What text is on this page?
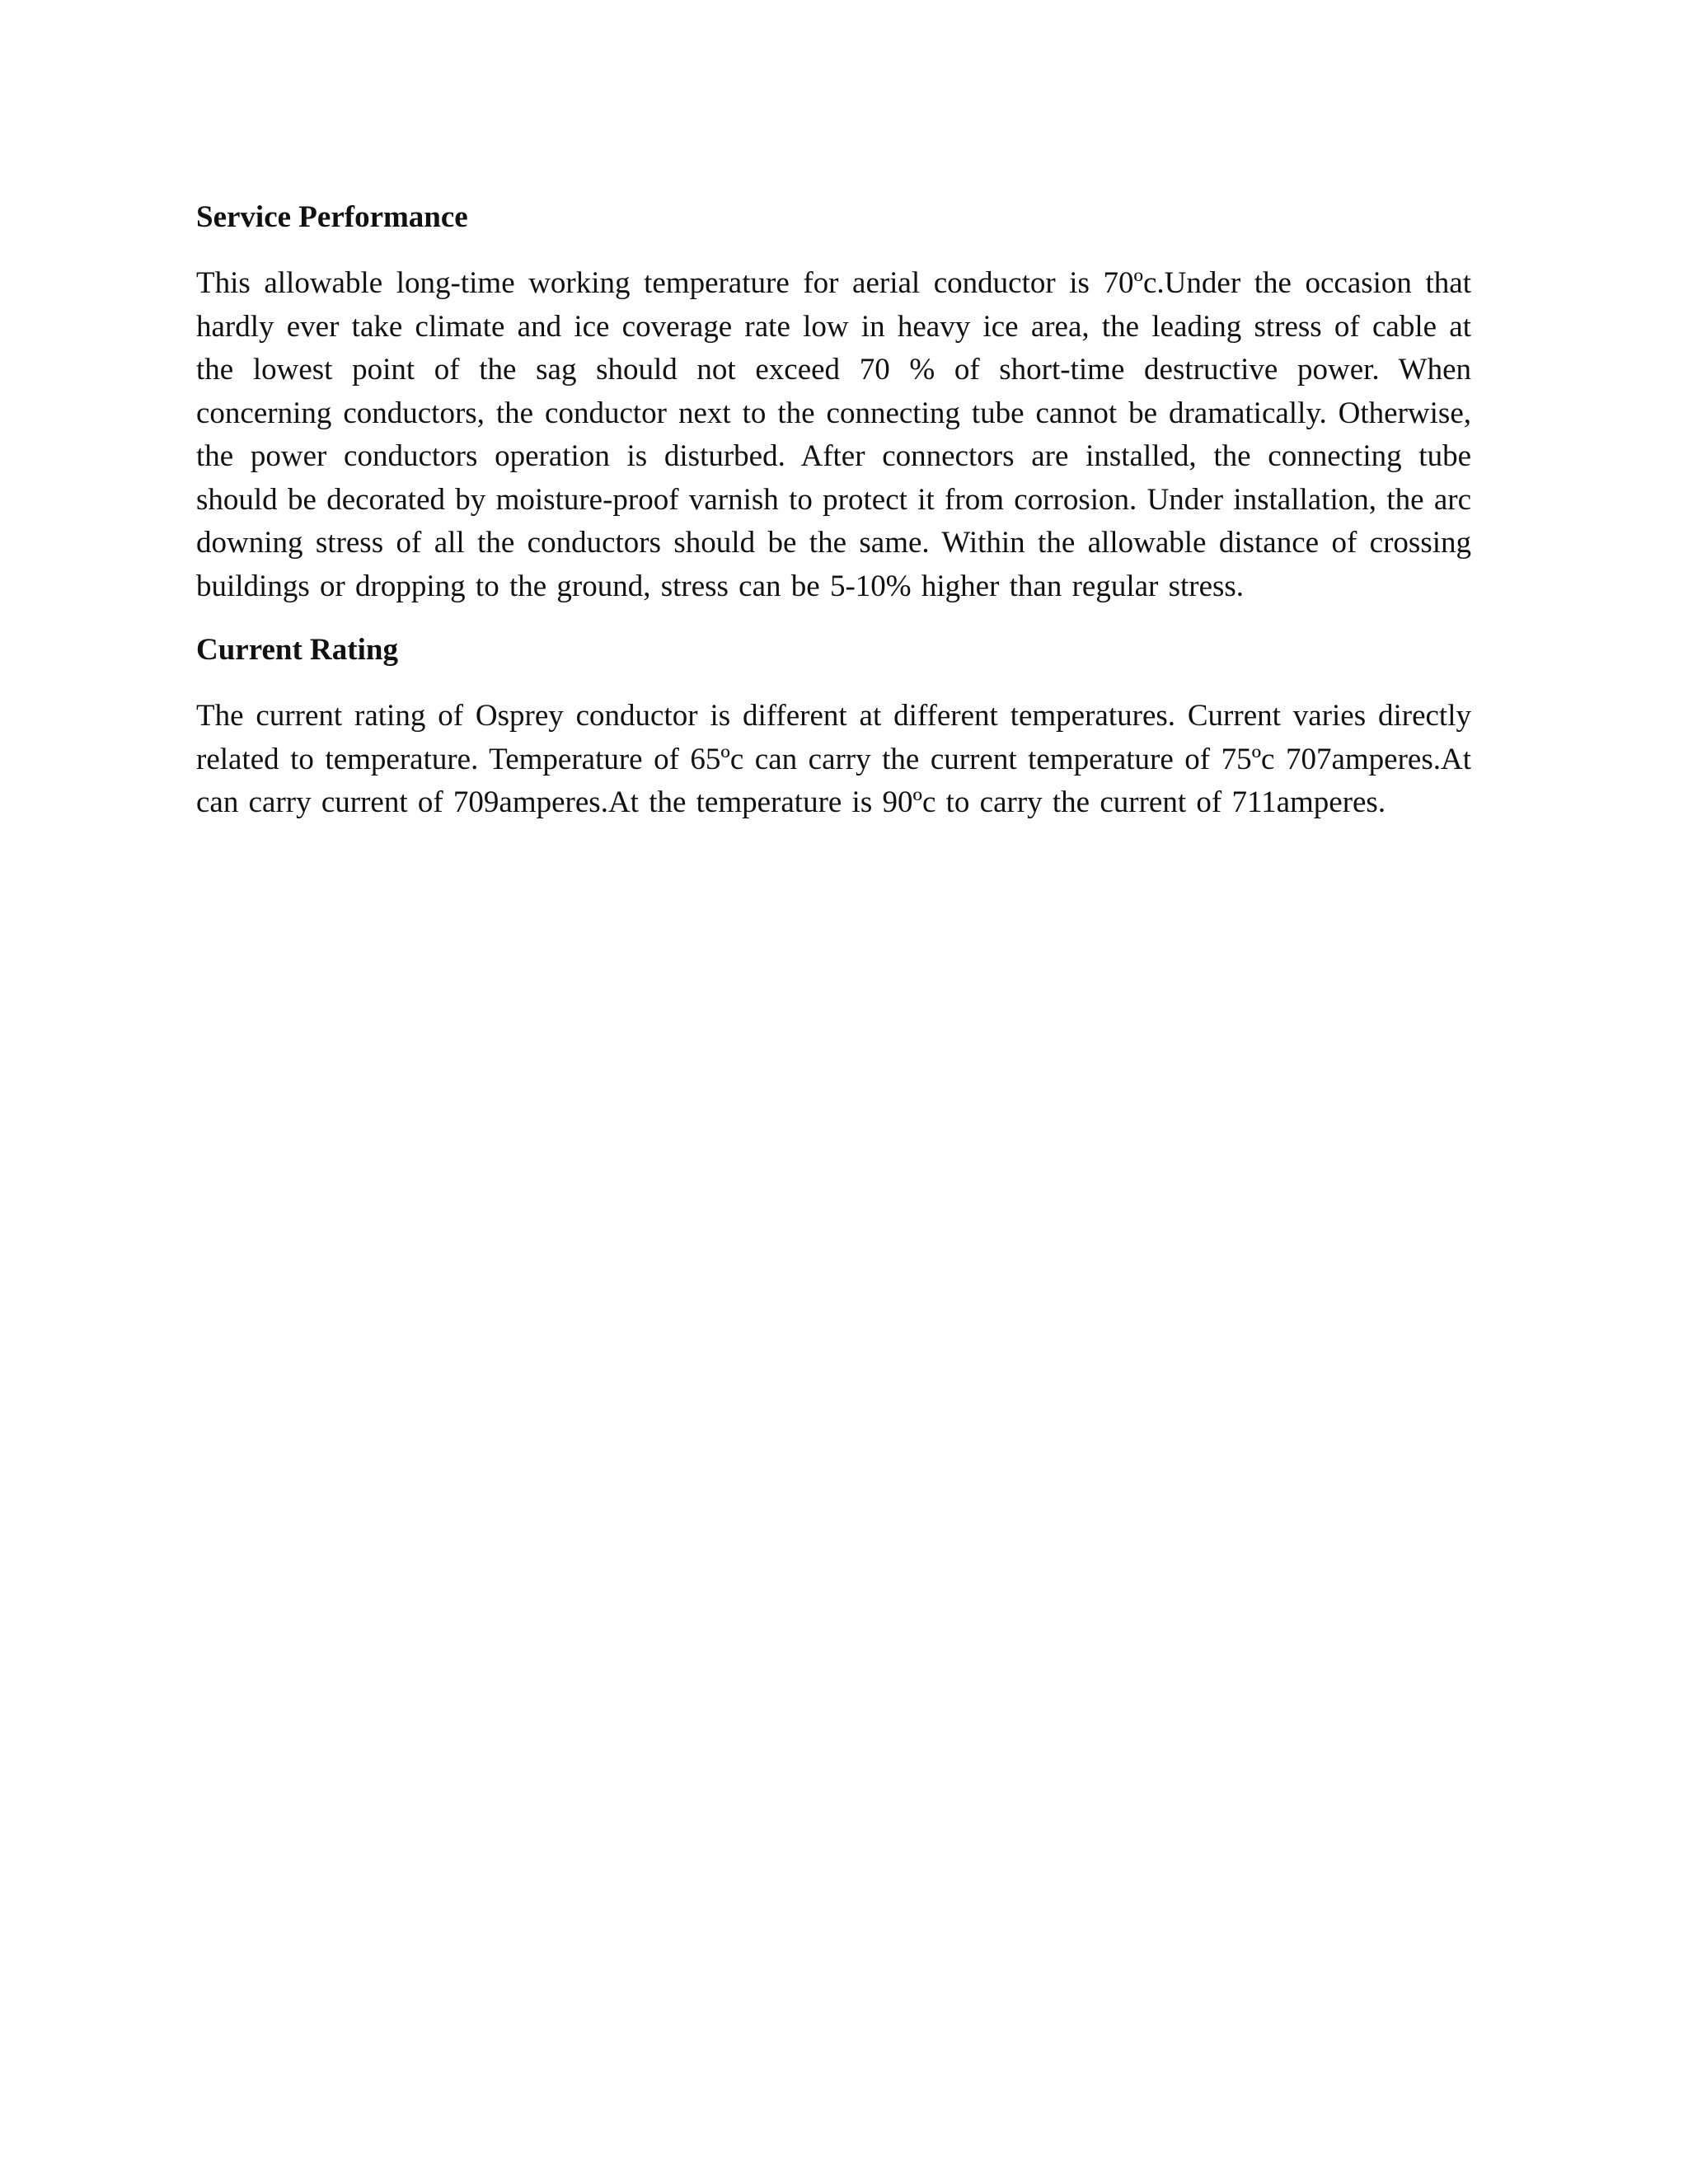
Service Performance

This allowable long-time working temperature for aerial conductor is 70ºc.Under the occasion that hardly ever take climate and ice coverage rate low in heavy ice area, the leading stress of cable at the lowest point of the sag should not exceed 70 % of short-time destructive power. When concerning conductors, the conductor next to the connecting tube cannot be dramatically. Otherwise, the power conductors operation is disturbed. After connectors are installed, the connecting tube should be decorated by moisture-proof varnish to protect it from corrosion. Under installation, the arc downing stress of all the conductors should be the same. Within the allowable distance of crossing buildings or dropping to the ground, stress can be 5-10% higher than regular stress.

Current Rating

The current rating of Osprey conductor is different at different temperatures. Current varies directly related to temperature. Temperature of 65ºc can carry the current temperature of 75ºc 707amperes.At can carry current of 709amperes.At the temperature is 90ºc to carry the current of 711amperes.
